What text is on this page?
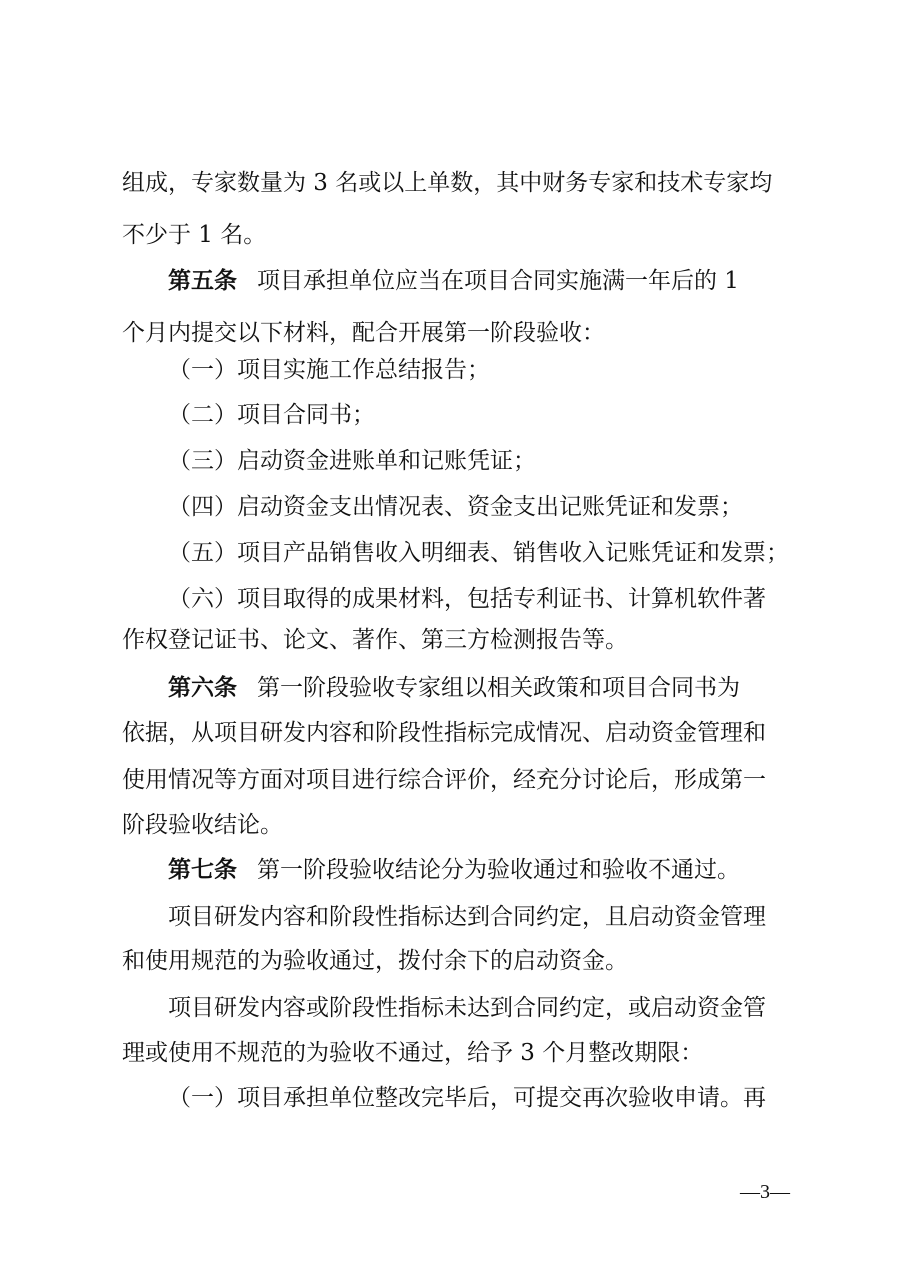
组成，专家数量为 3 名或以上单数，其中财务专家和技术专家均
不少于 1 名。
第五条 项目承担单位应当在项目合同实施满一年后的 1
个月内提交以下材料，配合开展第一阶段验收：
（一）项目实施工作总结报告；
（二）项目合同书；
（三）启动资金进账单和记账凭证；
（四）启动资金支出情况表、资金支出记账凭证和发票；
（五）项目产品销售收入明细表、销售收入记账凭证和发票；
（六）项目取得的成果材料，包括专利证书、计算机软件著
作权登记证书、论文、著作、第三方检测报告等。
第六条 第一阶段验收专家组以相关政策和项目合同书为
依据，从项目研发内容和阶段性指标完成情况、启动资金管理和
使用情况等方面对项目进行综合评价，经充分讨论后，形成第一
阶段验收结论。
第七条 第一阶段验收结论分为验收通过和验收不通过。
项目研发内容和阶段性指标达到合同约定，且启动资金管理
和使用规范的为验收通过，拨付余下的启动资金。
项目研发内容或阶段性指标未达到合同约定，或启动资金管
理或使用不规范的为验收不通过，给予 3 个月整改期限：
（一）项目承担单位整改完毕后，可提交再次验收申请。再
—3—
